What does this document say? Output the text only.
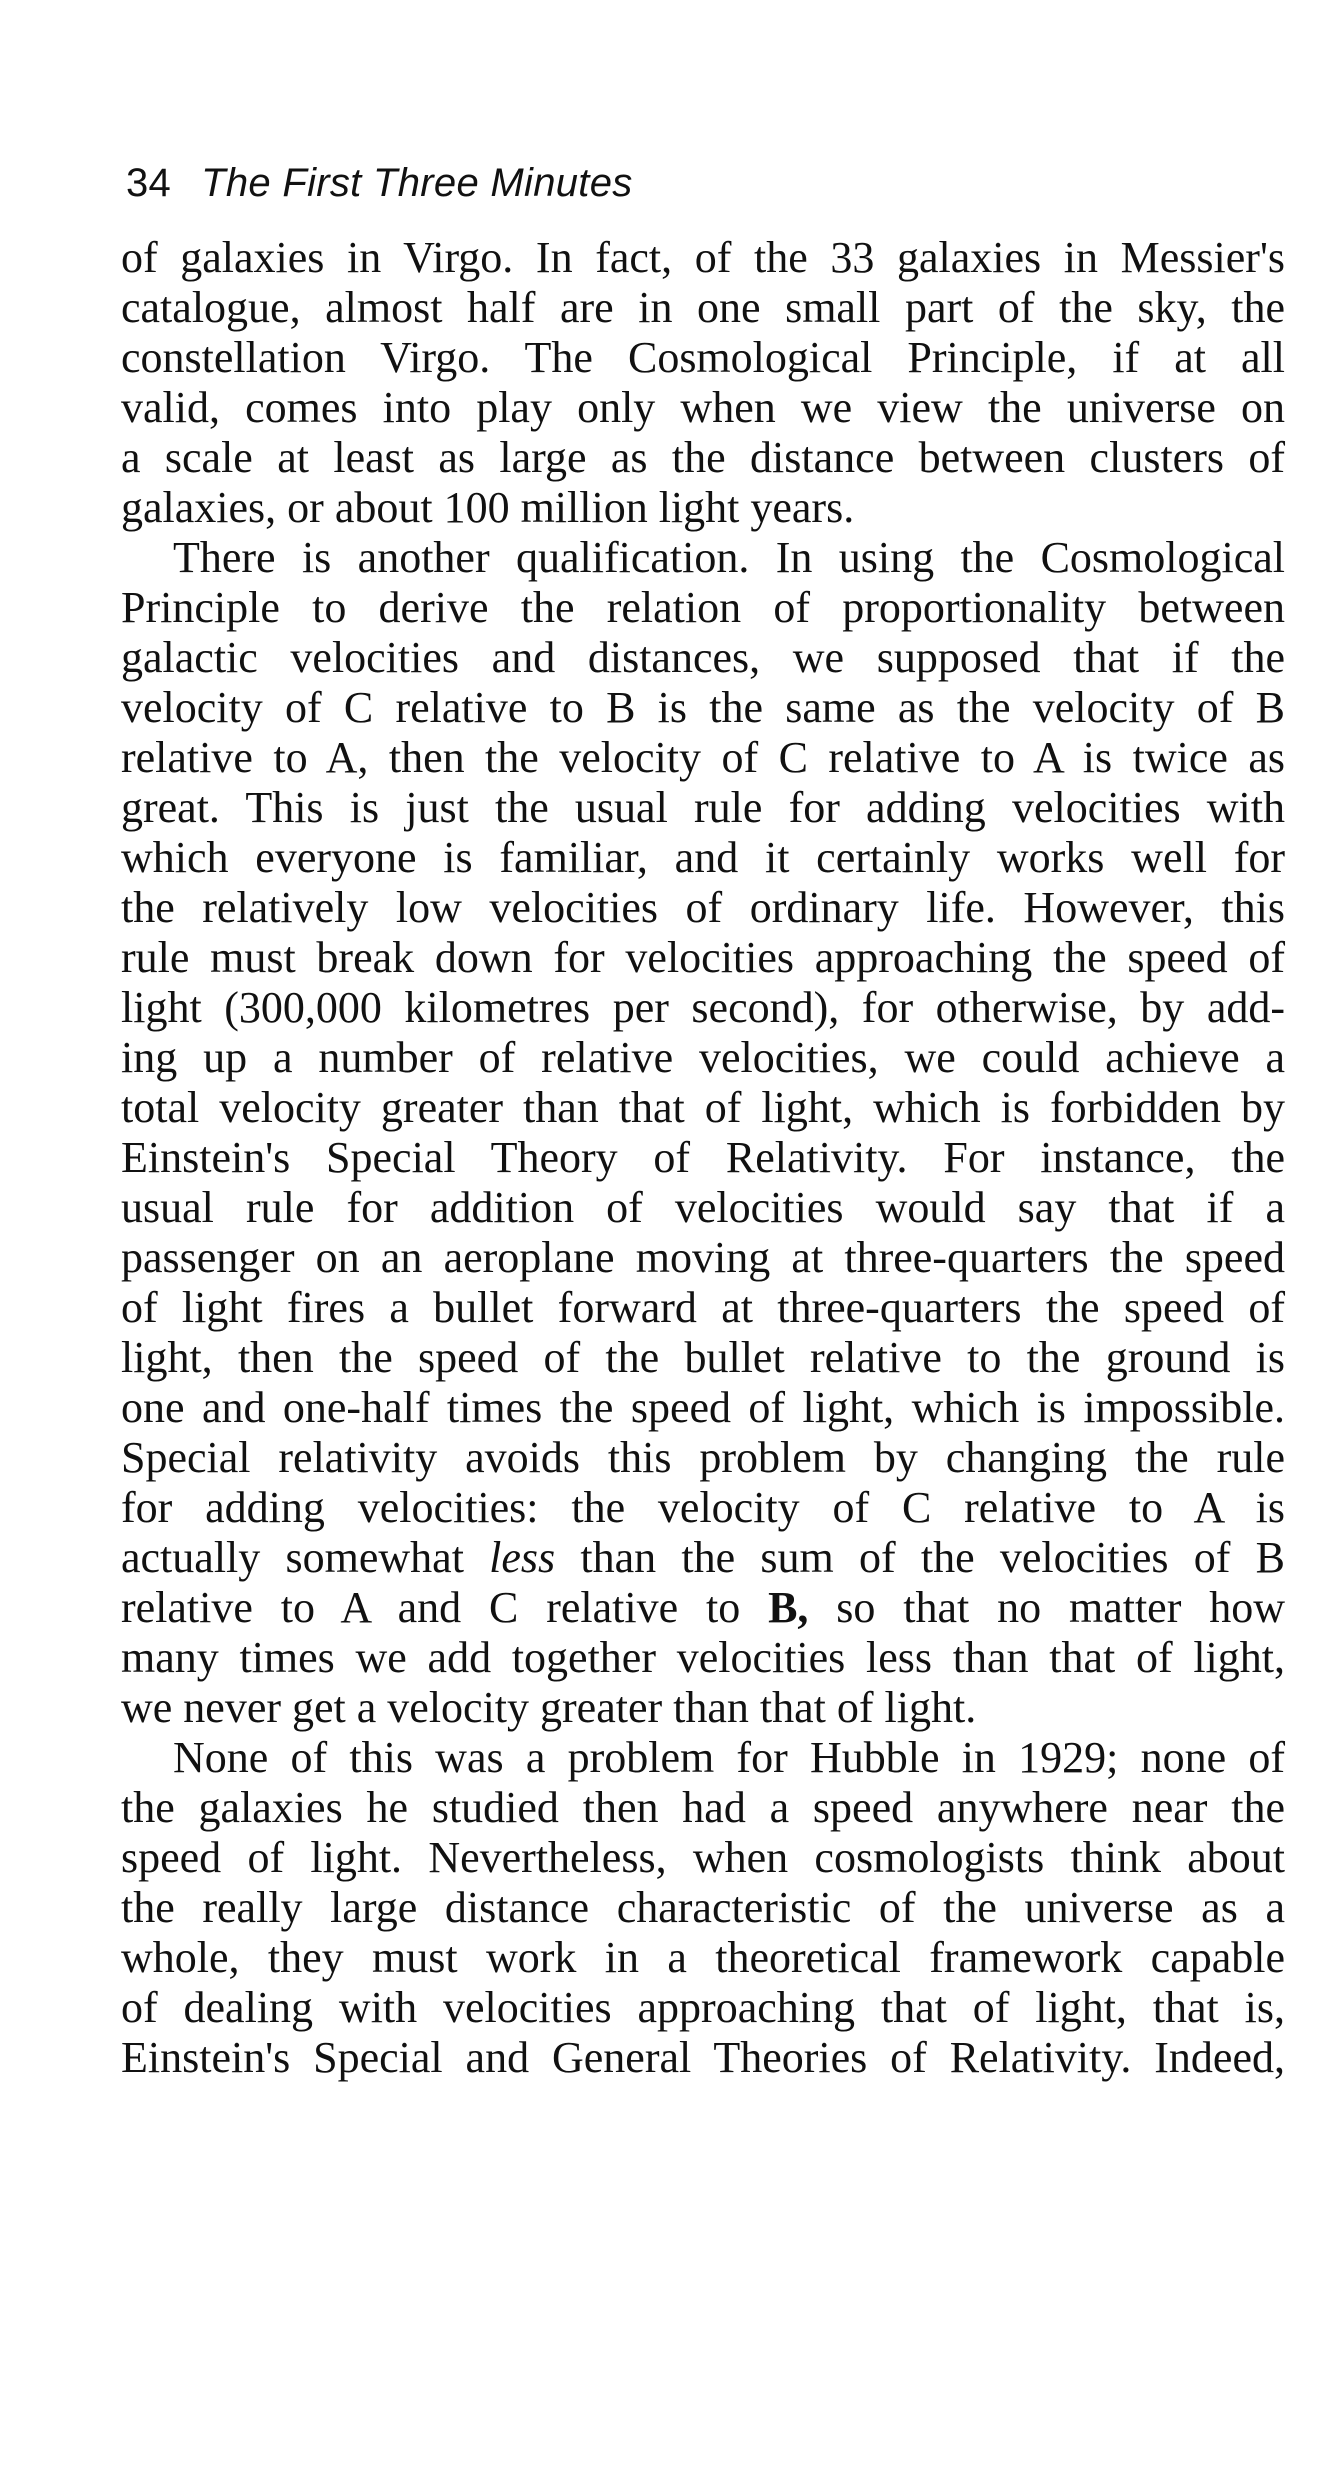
34 The First Three Minutes

of galaxies in Virgo. In fact, of the 33 galaxies in Messier's
catalogue, almost half are in one small part of the sky, the
constellation Virgo. The Cosmological Principle, if at all
valid, comes into play only when we view the universe on
a scale at least as large as the distance between clusters of
galaxies, or about 100 million light years.

There is another qualification. In using the Cosmological
Principle to derive the relation of proportionality between
galactic velocities and distances, we supposed that if the
velocity of C relative to B is the same as the velocity of B
relative to A, then the velocity of C relative to A is twice as
great. This is just the usual rule for adding velocities with
which everyone is familiar, and it certainly works well for
the relatively low velocities of ordinary life. However, this
rule must break down for velocities approaching the speed of
light (300,000 kilometres per second), for otherwise, by add-
ing up a number of relative velocities, we could achieve a
total velocity greater than that of light, which is forbidden by
Einstein's Special Theory of Relativity. For instance, the
usual rule for addition of velocities would say that if a
passenger on an aeroplane moving at three-quarters the speed
of light fires a bullet forward at three-quarters the speed of
light, then the speed of the bullet relative to the ground is
one and one-half times the speed of light, which is impossible.
Special relativity avoids this problem by changing the rule
for adding velocities: the velocity of C relative to A is
actually somewhat less than the sum of the velocities of B
relative to A and C relative to B, so that no matter how
many times we add together velocities less than that of light,
we never get a velocity greater than that of light.

None of this was a problem for Hubble in 1929; none of
the galaxies he studied then had a speed anywhere near the
speed of light. Nevertheless, when cosmologists think about
the really large distance characteristic of the universe as a
whole, they must work in a theoretical framework capable
of dealing with velocities approaching that of light, that is,
Einstein's Special and General Theories of Relativity. Indeed,
